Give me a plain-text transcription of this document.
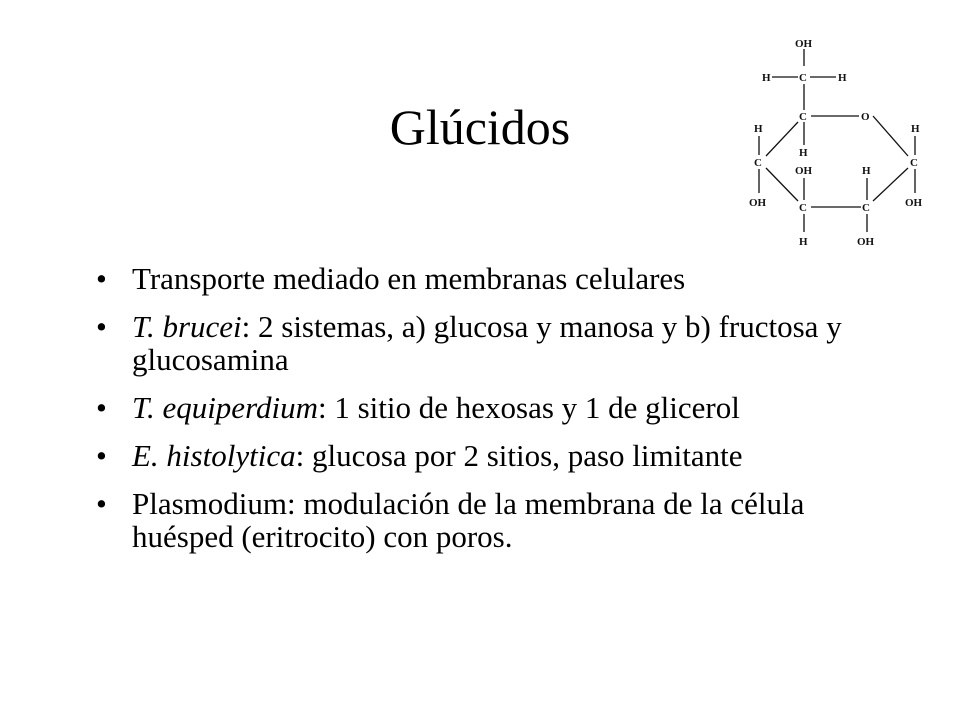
Glúcidos
OH
H	C	H
C	O
H
H
C
OH
H
C
OH
OH
C
H
H
C
OH
• Transporte mediado en membranas celulares
• T. brucei: 2 sistemas, a) glucosa y manosa y b) fructosa y glucosamina
• T. equiperdium: 1 sitio de hexosas y 1 de glicerol
• E. histolytica: glucosa por 2 sitios, paso limitante
• Plasmodium: modulación de la membrana de la célula huésped (eritrocito) con poros.
